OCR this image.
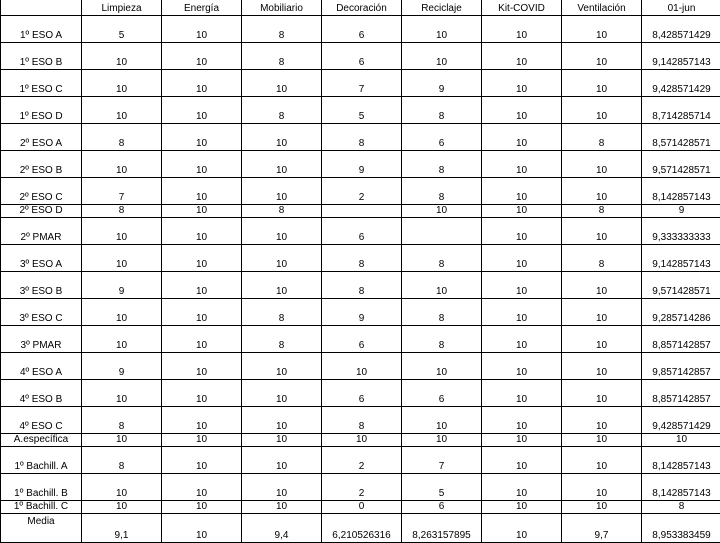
	Limpieza	Energía	Mobiliario	Decoración	Reciclaje	Kit-COVID	Ventilación	01-jun
1º ESO A	5	10	8	6	10	10	10	8,428571429
1º ESO B	10	10	8	6	10	10	10	9,142857143
1º ESO C	10	10	10	7	9	10	10	9,428571429
1º ESO D	10	10	8	5	8	10	10	8,714285714
2º ESO A	8	10	10	8	6	10	8	8,571428571
2º ESO B	10	10	10	9	8	10	10	9,571428571
2º ESO C	7	10	10	2	8	10	10	8,142857143
2º ESO D	8	10	8		10	10	8	9
2º PMAR	10	10	10	6		10	10	9,333333333
3º ESO A	10	10	10	8	8	10	8	9,142857143
3º ESO B	9	10	10	8	10	10	10	9,571428571
3º ESO C	10	10	8	9	8	10	10	9,285714286
3º PMAR	10	10	8	6	8	10	10	8,857142857
4º ESO A	9	10	10	10	10	10	10	9,857142857
4º ESO B	10	10	10	6	6	10	10	8,857142857
4º ESO C	8	10	10	8	10	10	10	9,428571429
A.específica	10	10	10	10	10	10	10	10
1º Bachill. A	8	10	10	2	7	10	10	8,142857143
1º Bachill. B	10	10	10	2	5	10	10	8,142857143
1º Bachill. C	10	10	10	0	6	10	10	8
Media	9,1	10	9,4	6,210526316	8,263157895	10	9,7	8,953383459
